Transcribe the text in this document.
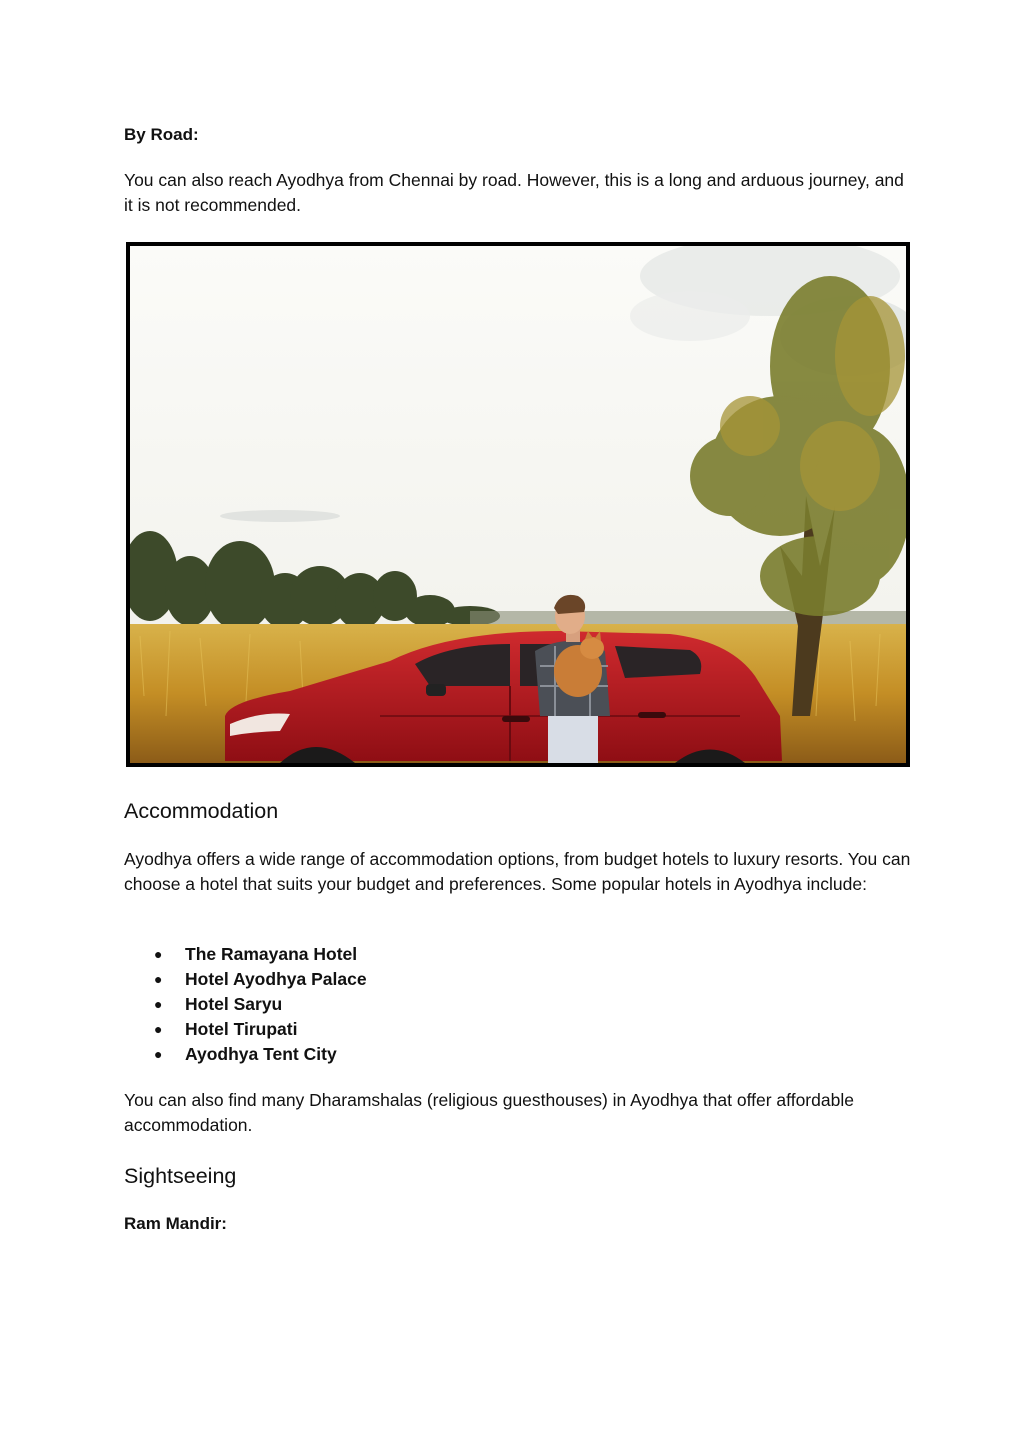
By Road:

You can also reach Ayodhya from Chennai by road. However, this is a long and arduous journey, and it is not recommended.

Accommodation

Ayodhya offers a wide range of accommodation options, from budget hotels to luxury resorts. You can choose a hotel that suits your budget and preferences. Some popular hotels in Ayodhya include:

● The Ramayana Hotel
● Hotel Ayodhya Palace
● Hotel Saryu
● Hotel Tirupati
● Ayodhya Tent City

You can also find many Dharamshalas (religious guesthouses) in Ayodhya that offer affordable accommodation.

Sightseeing

Ram Mandir:
